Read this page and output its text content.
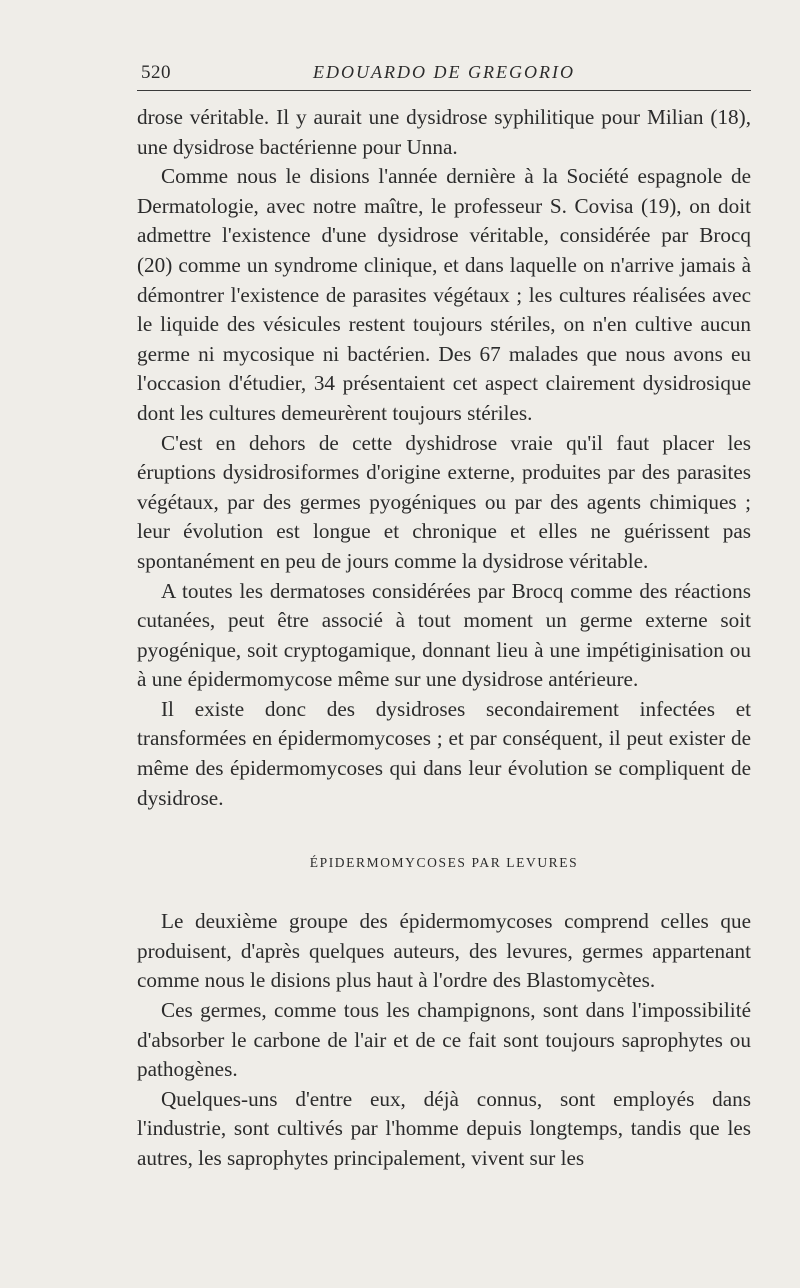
520	EDOUARDO DE GREGORIO

drose véritable. Il y aurait une dysidrose syphilitique pour Milian (18), une dysidrose bactérienne pour Unna.

Comme nous le disions l'année dernière à la Société espagnole de Dermatologie, avec notre maître, le professeur S. Covisa (19), on doit admettre l'existence d'une dysidrose véritable, considérée par Brocq (20) comme un syndrome clinique, et dans laquelle on n'arrive jamais à démontrer l'existence de parasites végétaux ; les cultures réalisées avec le liquide des vésicules restent toujours stériles, on n'en cultive aucun germe ni mycosique ni bactérien. Des 67 malades que nous avons eu l'occasion d'étudier, 34 présentaient cet aspect clairement dysidrosique dont les cultures demeurèrent toujours stériles.

C'est en dehors de cette dyshidrose vraie qu'il faut placer les éruptions dysidrosiformes d'origine externe, produites par des parasites végétaux, par des germes pyogéniques ou par des agents chimiques ; leur évolution est longue et chronique et elles ne guérissent pas spontanément en peu de jours comme la dysidrose véritable.

A toutes les dermatoses considérées par Brocq comme des réactions cutanées, peut être associé à tout moment un germe externe soit pyogénique, soit cryptogamique, donnant lieu à une impétiginisation ou à une épidermomycose même sur une dysidrose antérieure.

Il existe donc des dysidroses secondairement infectées et transformées en épidermomycoses ; et par conséquent, il peut exister de même des épidermomycoses qui dans leur évolution se compliquent de dysidrose.

ÉPIDERMOMYCOSES PAR LEVURES

Le deuxième groupe des épidermomycoses comprend celles que produisent, d'après quelques auteurs, des levures, germes appartenant comme nous le disions plus haut à l'ordre des Blastomycètes.

Ces germes, comme tous les champignons, sont dans l'impossibilité d'absorber le carbone de l'air et de ce fait sont toujours saprophytes ou pathogènes.

Quelques-uns d'entre eux, déjà connus, sont employés dans l'industrie, sont cultivés par l'homme depuis longtemps, tandis que les autres, les saprophytes principalement, vivent sur les
